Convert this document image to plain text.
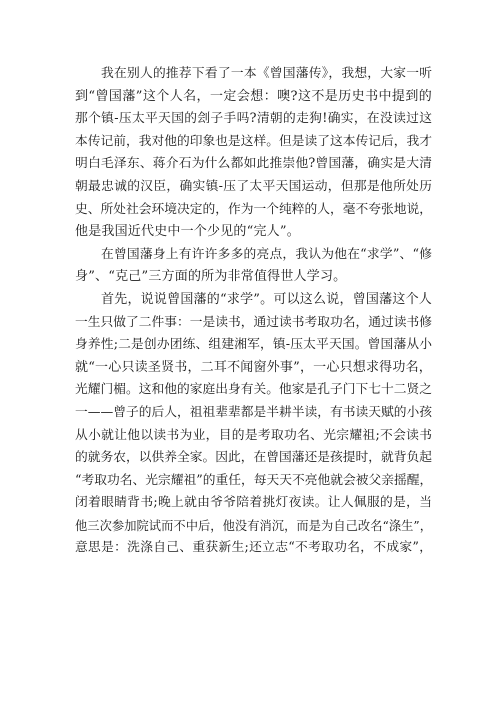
我在别人的推荐下看了一本《曾国藩传》，我想，大家一听
到“曾国藩”这个人名，一定会想：噢?这不是历史书中提到的
那个镇-压太平天国的刽子手吗?清朝的走狗!确实，在没读过这
本传记前，我对他的印象也是这样。但是读了这本传记后，我才
明白毛泽东、蒋介石为什么都如此推崇他?曾国藩，确实是大清
朝最忠诚的汉臣，确实镇-压了太平天国运动，但那是他所处历
史、所处社会环境决定的，作为一个纯粹的人，毫不夸张地说，
他是我国近代史中一个少见的“完人”。
在曾国藩身上有许许多多的亮点，我认为他在“求学”、“修
身”、“克己”三方面的所为非常值得世人学习。
首先，说说曾国藩的“求学”。可以这么说，曾国藩这个人
一生只做了二件事：一是读书，通过读书考取功名，通过读书修
身养性;二是创办团练、组建湘军，镇-压太平天国。曾国藩从小
就“一心只读圣贤书，二耳不闻窗外事”，一心只想求得功名，
光耀门楣。这和他的家庭出身有关。他家是孔子门下七十二贤之
一——曾子的后人，祖祖辈辈都是半耕半读，有书读天赋的小孩
从小就让他以读书为业，目的是考取功名、光宗耀祖;不会读书
的就务农，以供养全家。因此，在曾国藩还是孩提时，就背负起
“考取功名、光宗耀祖”的重任，每天天不亮他就会被父亲摇醒，
闭着眼睛背书;晚上就由爷爷陪着挑灯夜读。让人佩服的是，当
他三次参加院试而不中后，他没有消沉，而是为自己改名“涤生”，
意思是：洗涤自己、重获新生;还立志“不考取功名，不成家”，
